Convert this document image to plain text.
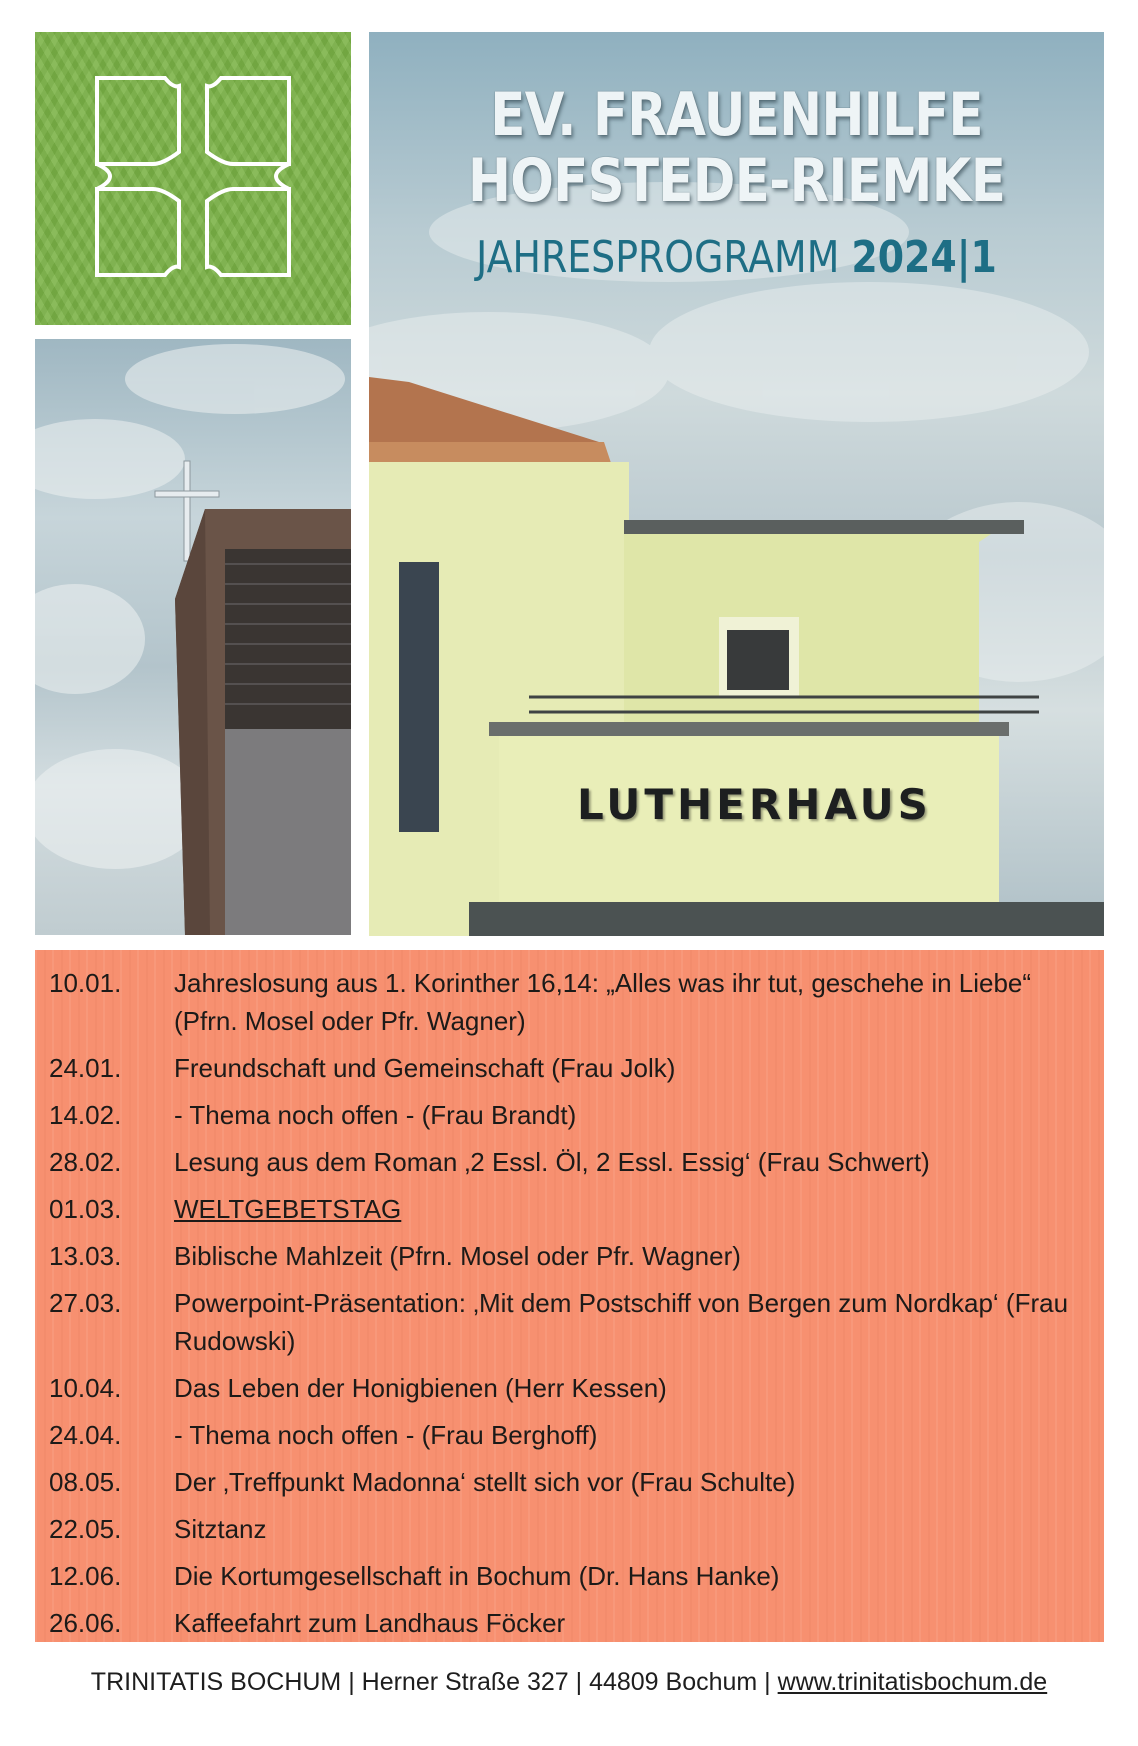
EV. FRAUENHILFE
HOFSTEDE-RIEMKE
JAHRESPROGRAMM 2024|1
LUTHERHAUS
10.01.	Jahreslosung aus 1. Korinther 16,14: „Alles was ihr tut, geschehe in Liebe“ (Pfrn. Mosel oder Pfr. Wagner)
24.01.	Freundschaft und Gemeinschaft (Frau Jolk)
14.02.	- Thema noch offen - (Frau Brandt)
28.02.	Lesung aus dem Roman ‚2 Essl. Öl, 2 Essl. Essig‘ (Frau Schwert)
01.03.	WELTGEBETSTAG
13.03.	Biblische Mahlzeit (Pfrn. Mosel oder Pfr. Wagner)
27.03.	Powerpoint-Präsentation: ‚Mit dem Postschiff von Bergen zum Nordkap‘ (Frau Rudowski)
10.04.	Das Leben der Honigbienen (Herr Kessen)
24.04.	- Thema noch offen - (Frau Berghoff)
08.05.	Der ‚Treffpunkt Madonna‘ stellt sich vor (Frau Schulte)
22.05.	Sitztanz
12.06.	Die Kortumgesellschaft in Bochum (Dr. Hans Hanke)
26.06.	Kaffeefahrt zum Landhaus Föcker
TRINITATIS BOCHUM | Herner Straße 327 | 44809 Bochum | www.trinitatisbochum.de
